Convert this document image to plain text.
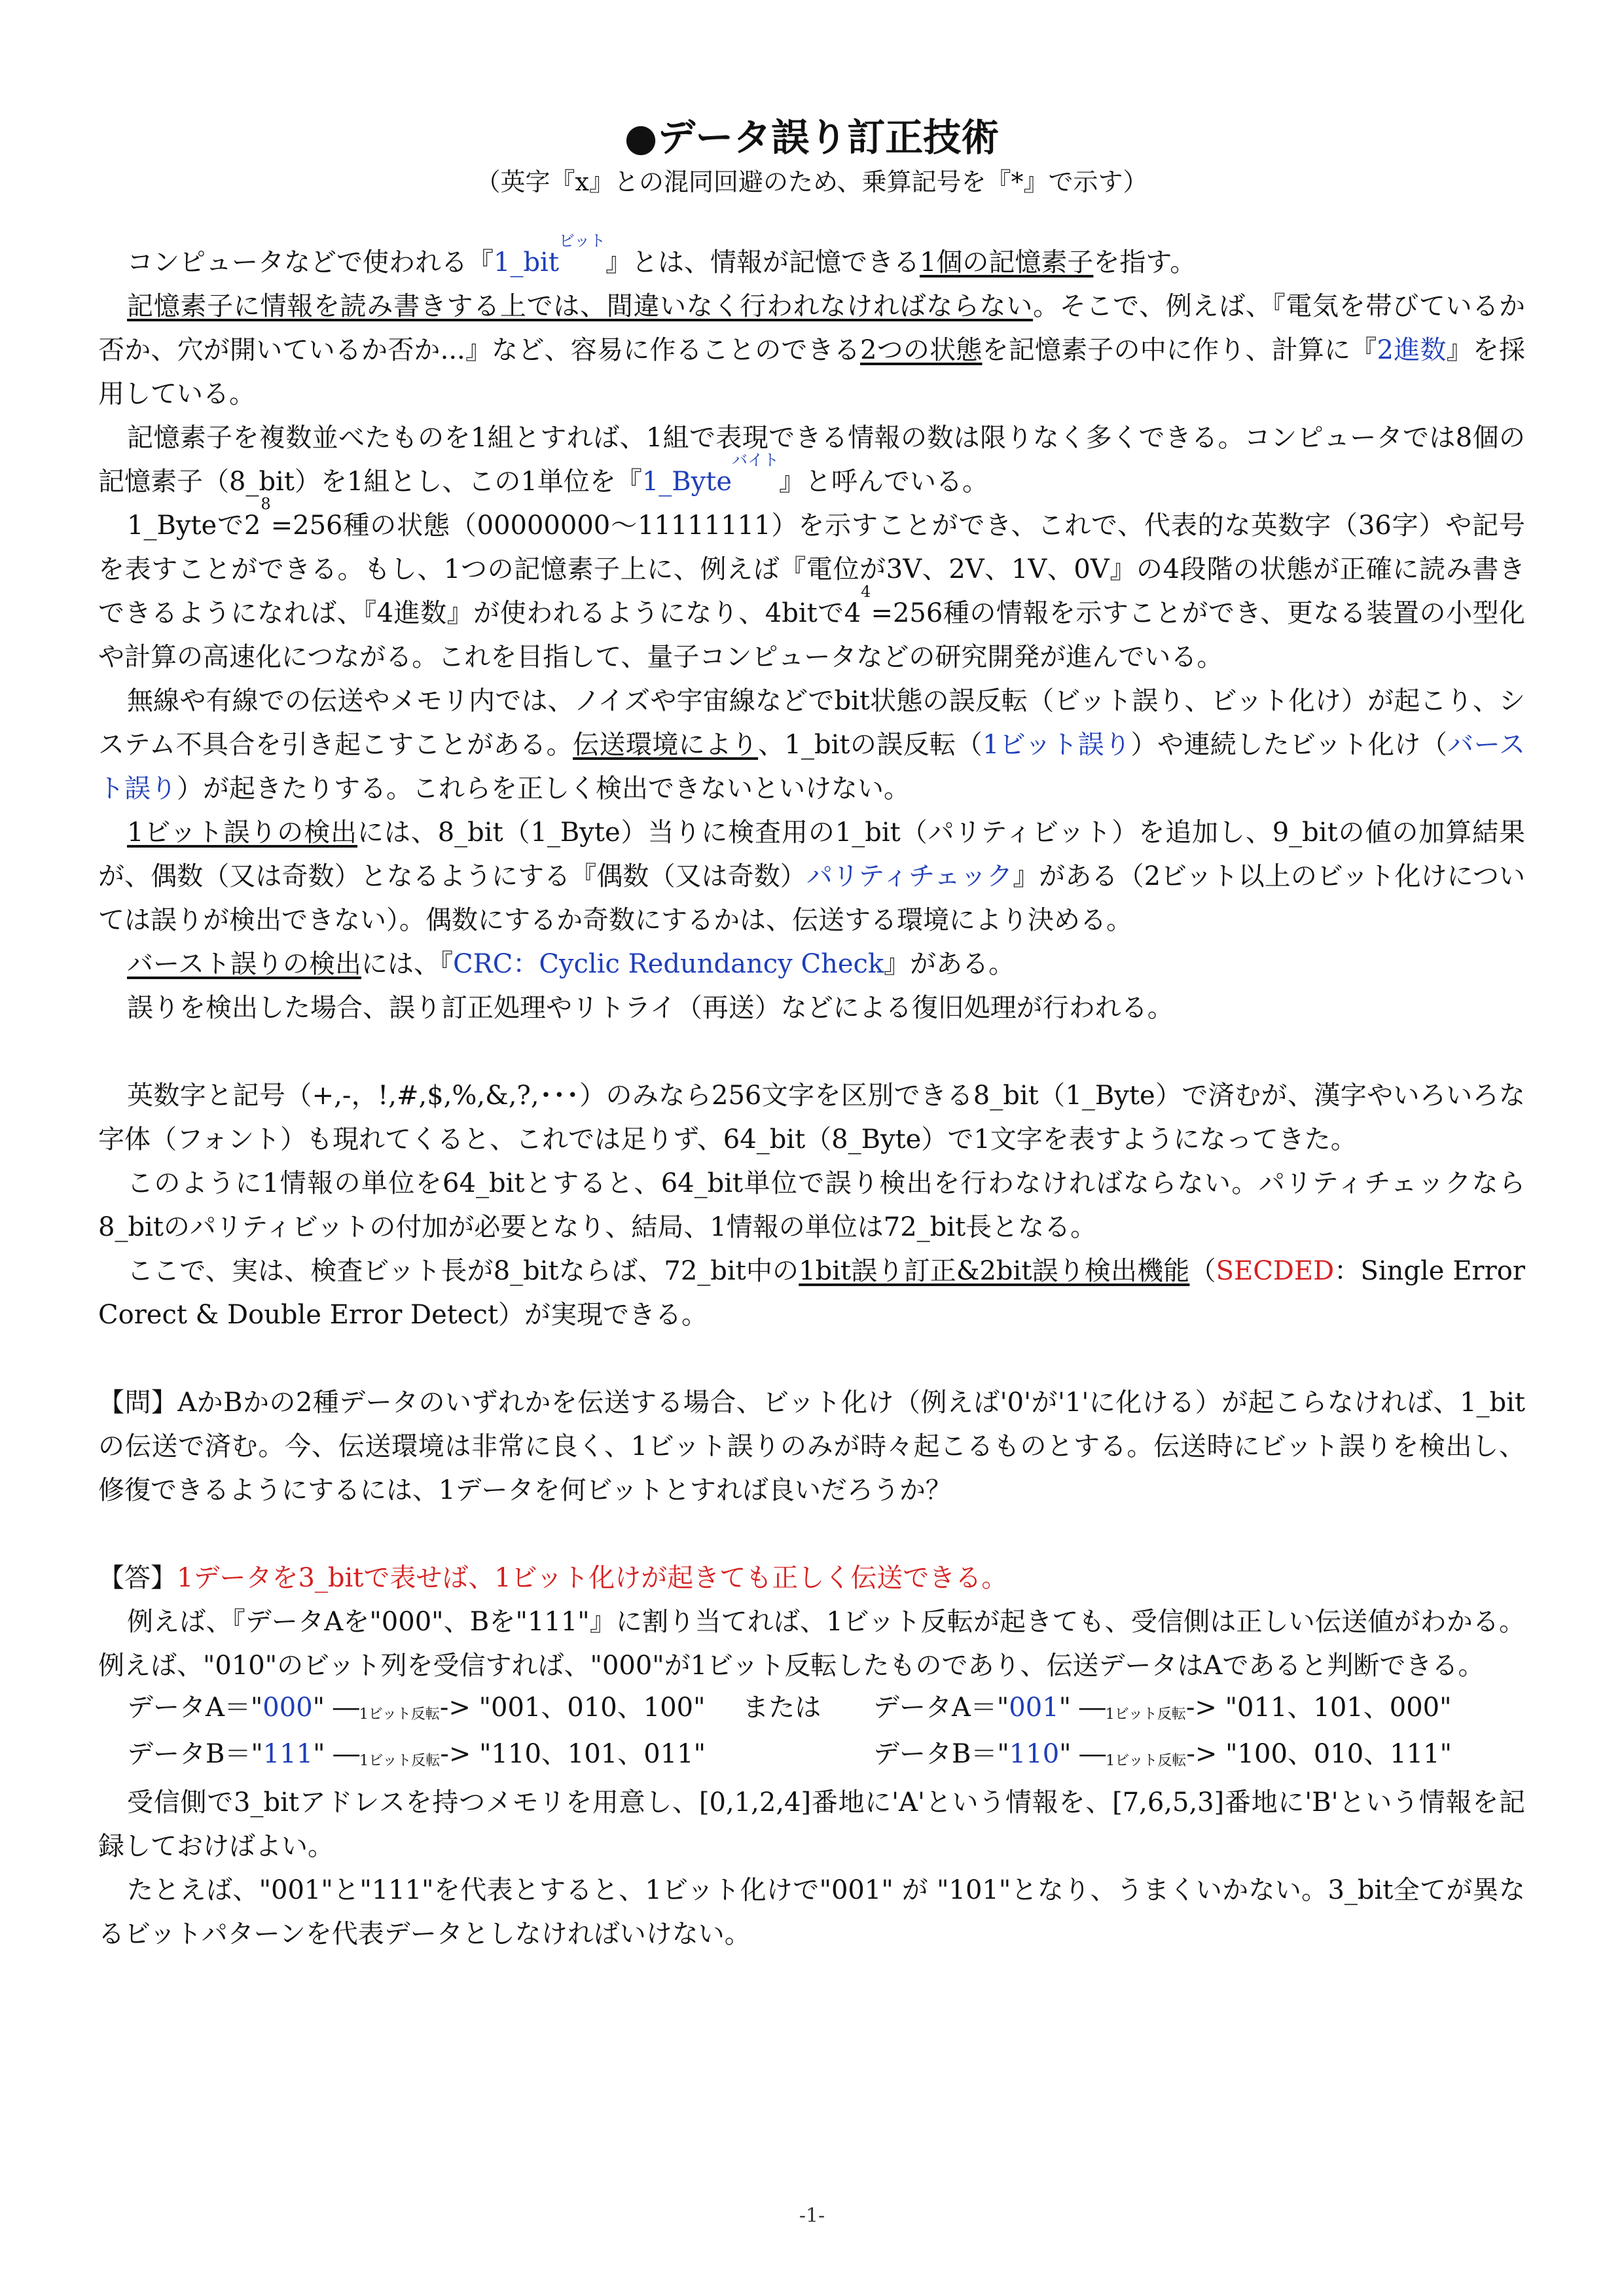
●データ誤り訂正技術
（英字『x』との混同回避のため、乗算記号を『*』で示す）

コンピュータなどで使われる『1_bit$^{ビット}$』とは、情報が記憶できる1個の記憶素子を指す。

記憶素子に情報を読み書きする上では、間違いなく行われなければならない。そこで、例えば、『電気を帯びているか否か、穴が開いているか否か...』など、容易に作ることのできる2つの状態を記憶素子の中に作り、計算に『2進数』を採用している。

記憶素子を複数並べたものを1組とすれば、1組で表現できる情報の数は限りなく多くできる。コンピュータでは8個の記憶素子（8_bit）を1組とし、この1単位を『1_Byte$^{バイト}$』と呼んでいる。

1_Byteで$2^8=256$種の状態（00000000～11111111）を示すことができ、これで、代表的な英数字（36字）や記号を表すことができる。もし、1つの記憶素子上に、例えば『電位が3V、2V、1V、0V』の4段階の状態が正確に読み書きできるようになれば、『4進数』が使われるようになり、4bitで$4^4=256$種の情報を示すことができ、更なる装置の小型化や計算の高速化につながる。これを目指して、量子コンピュータなどの研究開発が進んでいる。

無線や有線での伝送やメモリ内では、ノイズや宇宙線などでbit状態の誤反転（ビット誤り、ビット化け）が起こり、システム不具合を引き起こすことがある。伝送環境により、1_bitの誤反転（1ビット誤り）や連続したビット化け（バースト誤り）が起きたりする。これらを正しく検出できないといけない。

1ビット誤りの検出には、8_bit（1_Byte）当りに検査用の1_bit（パリティビット）を追加し、9_bitの値の加算結果が、偶数（又は奇数）となるようにする『偶数（又は奇数）パリティチェック』がある（2ビット以上のビット化けについては誤りが検出できない）。偶数にするか奇数にするかは、伝送する環境により決める。

バースト誤りの検出には、『CRC：Cyclic Redundancy Check』がある。

誤りを検出した場合、誤り訂正処理やリトライ（再送）などによる復旧処理が行われる。

英数字と記号（+,-，!,#,$,%,&,?,･･･）のみなら256文字を区別できる8_bit（1_Byte）で済むが、漢字やいろいろな字体（フォント）も現れてくると、これでは足りず、64_bit（8_Byte）で1文字を表すようになってきた。

このように1情報の単位を64_bitとすると、64_bit単位で誤り検出を行わなければならない。パリティチェックなら8_bitのパリティビットの付加が必要となり、結局、1情報の単位は72_bit長となる。

ここで、実は、検査ビット長が8_bitならば、72_bit中の1bit誤り訂正&2bit誤り検出機能（SECDED：Single Error Corect & Double Error Detect）が実現できる。

【問】AかBかの2種データのいずれかを伝送する場合、ビット化け（例えば'0'が'1'に化ける）が起こらなければ、1_bitの伝送で済む。今、伝送環境は非常に良く、1ビット誤りのみが時々起こるものとする。伝送時にビット誤りを検出し、修復できるようにするには、1データを何ビットとすれば良いだろうか？

【答】1データを3_bitで表せば、1ビット化けが起きても正しく伝送できる。

例えば、『データAを"000"、Bを"111"』に割り当てれば、1ビット反転が起きても、受信側は正しい伝送値がわかる。例えば、"010"のビット列を受信すれば、"000"が1ビット反転したものであり、伝送データはAであると判断できる。

データA＝"000" ―1ビット反転-> "001、010、100" または	データA＝"001" ―1ビット反転-> "011、101、000"
データB＝"111" ―1ビット反転-> "110、101、011"	データB＝"110" ―1ビット反転-> "100、010、111"

受信側で3_bitアドレスを持つメモリを用意し、[0,1,2,4]番地に'A'という情報を、[7,6,5,3]番地に'B'という情報を記録しておけばよい。

たとえば、"001"と"111"を代表とすると、1ビット化けで"001" が "101"となり、うまくいかない。3_bit全てが異なるビットパターンを代表データとしなければいけない。

-1-
